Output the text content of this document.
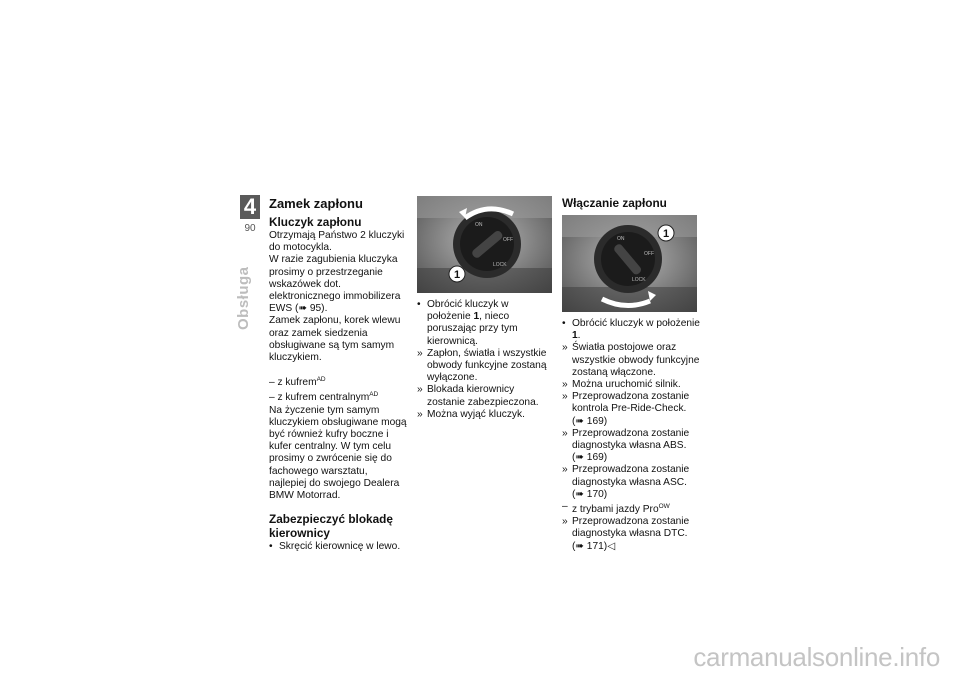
4
90
Obsługa
Zamek zapłonu
Kluczyk zapłonu

Otrzymają Państwo 2 kluczyki do motocykla.

W razie zagubienia kluczyka prosimy o przestrzeganie wskazówek dot. elektronicznego immobilizera EWS (➠ 95).

Zamek zapłonu, korek wlewu oraz zamek siedzenia obsługiwane są tym samym kluczykiem.

– z kufrem$^{AD}$

– z kufrem centralnym$^{AD}$

Na życzenie tym samym kluczykiem obsługiwane mogą być również kufry boczne i kufer centralny. W tym celu prosimy o zwrócenie się do fachowego warsztatu, najlepiej do swojego Dealera BMW Motorrad.

Zabezpieczyć blokadę kierownicy
• Skręcić kierownicę w lewo.
ON
OFF
LOCK
1
• Obrócić kluczyk w położenie 1, nieco poruszając przy tym kierownicą.
» Zapłon, światła i wszystkie obwody funkcyjne zostaną wyłączone.
» Blokada kierownicy zostanie zabezpieczona.
» Można wyjąć kluczyk.
Włączanie zapłonu
ON
OFF
LOCK
1
• Obrócić kluczyk w położenie 1.
» Światła postojowe oraz wszystkie obwody funkcyjne zostaną włączone.
» Można uruchomić silnik.
» Przeprowadzona zostanie kontrola Pre-Ride-Check. (➠ 169)
» Przeprowadzona zostanie diagnostyka własna ABS. (➠ 169)
» Przeprowadzona zostanie diagnostyka własna ASC. (➠ 170)
– z trybami jazdy Pro$^{OW}$
» Przeprowadzona zostanie diagnostyka własna DTC.
(➠ 171)◁
carmanualsonline.info
